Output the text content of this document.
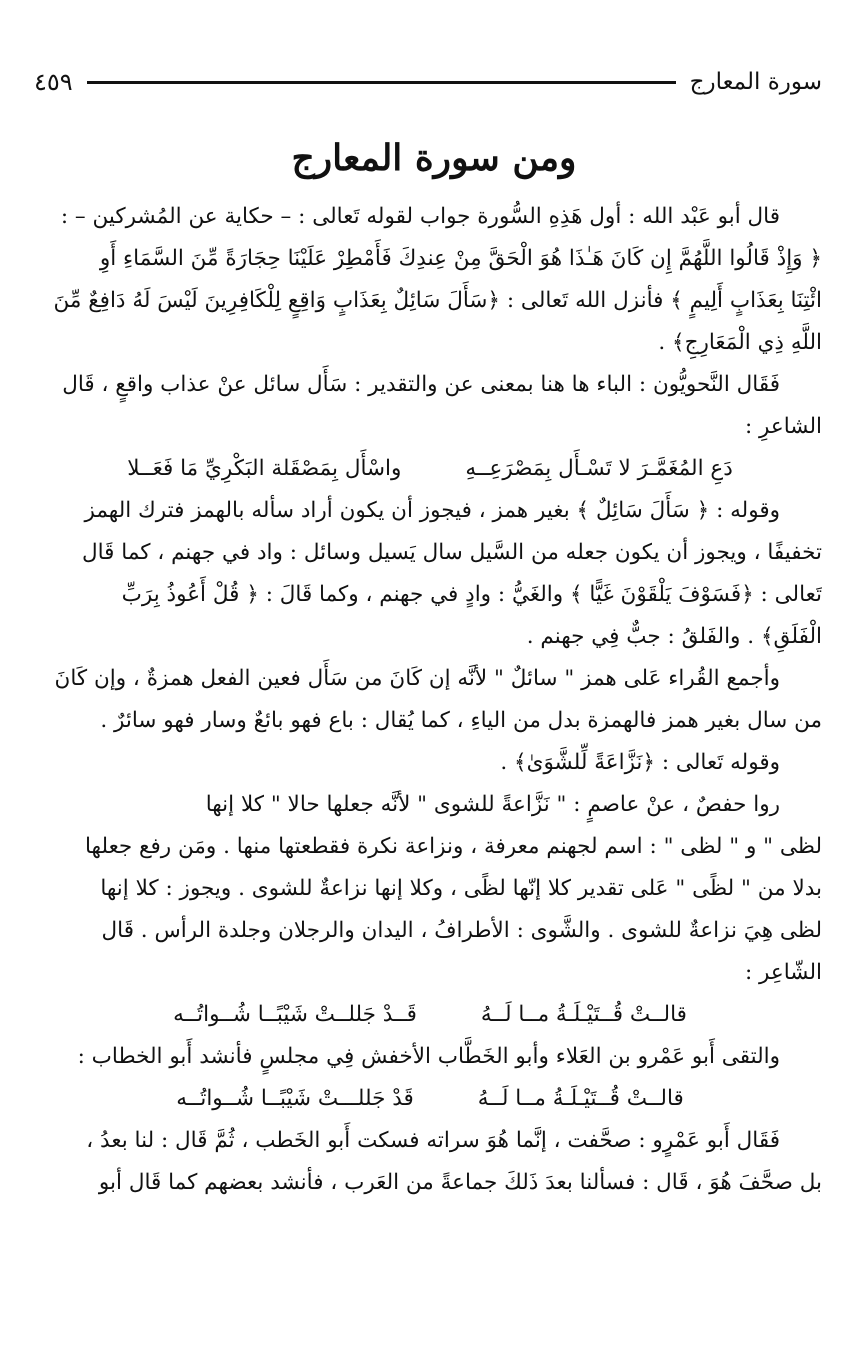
سورة المعارج
٤٥٩
ومن سورة المعارج

قال أبو عَبْد الله : أول هَذِهِ السُّورة جواب لقوله تَعالى : – حكاية عن المُشركين – :

﴿ وَإِذْ قَالُوا اللَّهُمَّ إِن كَانَ هَـٰذَا هُوَ الْحَقَّ مِنْ عِندِكَ فَأَمْطِرْ عَلَيْنَا حِجَارَةً مِّنَ السَّمَاءِ أَوِ

ائْتِنَا بِعَذَابٍ أَلِيمٍ ﴾ فأنزل الله تَعالى : ﴿سَأَلَ سَائِلٌ بِعَذَابٍ وَاقِعٍ لِلْكَافِرِينَ لَيْسَ لَهُ دَافِعٌ مِّنَ

اللَّهِ ذِي الْمَعَارِجِ﴾ .

فَقَال النَّحويُّون : الباء ها هنا بمعنى عن والتقدير : سَأَل سائل عنْ عذاب واقعٍ ، قَال

الشاعرِ :

دَعِ المُغَمَّـرَ لا تَسْـأَل بِمَصْرَعِــهِ
واسْأَل بِمَصْقَلة البَكْرِيِّ مَا فَعَــلا

وقوله : ﴿ سَأَلَ سَائِلٌ ﴾ بغير همز ، فيجوز أن يكون أراد سأله بالهمز فترك الهمز

تخفيفًا ، ويجوز أن يكون جعله من السَّيل سال يَسيل وسائل : واد في جهنم ، كما قَال

تَعالى : ﴿فَسَوْفَ يَلْقَوْنَ غَيًّا ﴾ والغَيُّ : وادٍ في جهنم ، وكما قَالَ : ﴿ قُلْ أَعُوذُ بِرَبِّ

الْفَلَقِ﴾ . والفَلقُ : جبٌّ فِي جهنم .

وأجمع القُراء عَلى همز " سائلٌ " لأنَّه إن كَانَ من سَأَل فعين الفعل همزةٌ ، وإن كَانَ

من سال بغير همز فالهمزة بدل من الياءِ ، كما يُقال : باع فهو بائعٌ وسار فهو سائرٌ .

وقوله تَعالى : ﴿نَزَّاعَةً لِّلشَّوَىٰ﴾ .

روا حفصٌ ، عنْ عاصمٍ : " نَزَّاعةً للشوى " لأنَّه جعلها حالا " كلا إنها

لظى " و " لظى " : اسم لجهنم معرفة ، ونزاعة نكرة فقطعتها منها . ومَن رفع جعلها

بدلا من " لظًى " عَلى تقدير كلا إنّها لظًى ، وكلا إنها نزاعةٌ للشوى . ويجوز : كلا إنها

لظى هِيَ نزاعةٌ للشوى . والشَّوى : الأطرافُ ، اليدان والرجلان وجلدة الرأس . قَال

الشّاعِر :

قالــتْ قُــتَيْـلَـةُ مــا لَــهُ
قَــدْ جَللــتْ شَيْبًــا شُــواتُــه

والتقى أَبو عَمْرو بن العَلاء وأبو الخَطَّاب الأخفش فِي مجلسٍ فأنشد أَبو الخطاب :

قالــتْ قُــتَيْـلَـةُ مــا لَــهُ
قَدْ جَللـــتْ شَيْبًــا شُــواتُــه

فَقَال أَبو عَمْرٍو : صحَّفت ، إنَّما هُوَ سراته فسكت أَبو الخَطب ، ثُمَّ قَال : لنا بعدُ ،

بل صحَّفَ هُوَ ، قَال : فسألنا بعدَ ذَلكَ جماعةً من العَرب ، فأنشد بعضهم كما قَال أبو
